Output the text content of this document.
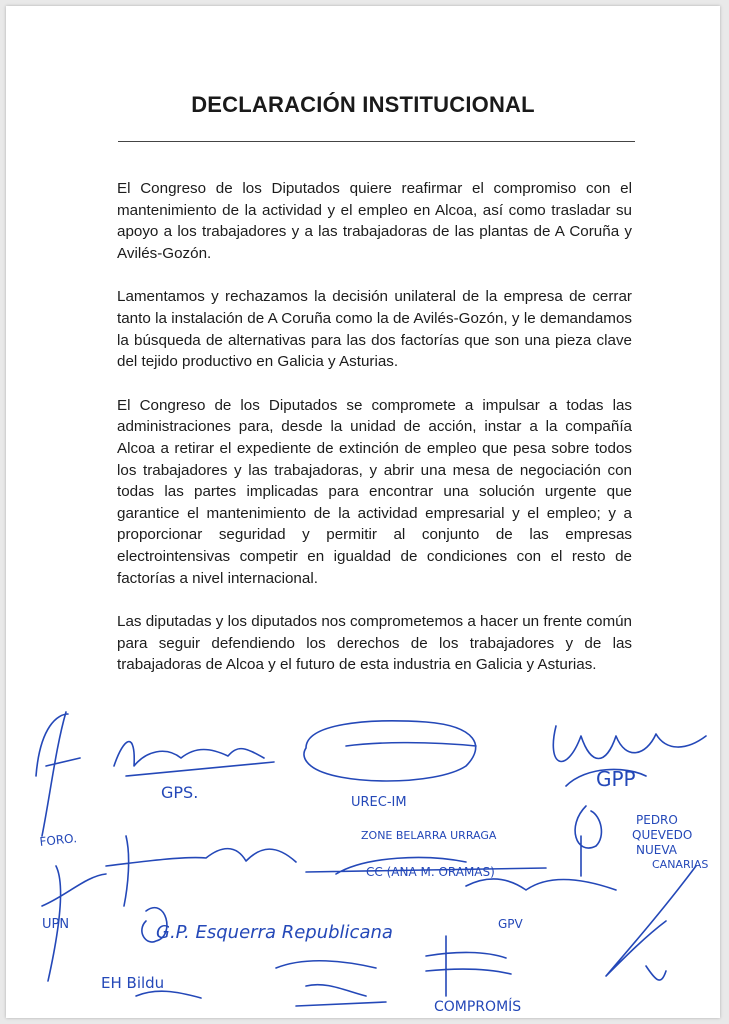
DECLARACIÓN INSTITUCIONAL

El Congreso de los Diputados quiere reafirmar el compromiso con el mantenimiento de la actividad y el empleo en Alcoa, así como trasladar su apoyo a los trabajadores y a las trabajadoras de las plantas de A Coruña y Avilés-Gozón.

Lamentamos y rechazamos la decisión unilateral de la empresa de cerrar tanto la instalación de A Coruña como la de Avilés-Gozón, y le demandamos la búsqueda de alternativas para las dos factorías que son una pieza clave del tejido productivo en Galicia y Asturias.

El Congreso de los Diputados se compromete a impulsar a todas las administraciones para, desde la unidad de acción, instar a la compañía Alcoa a retirar el expediente de extinción de empleo que pesa sobre todos los trabajadores y las trabajadoras, y abrir una mesa de negociación con todas las partes implicadas para encontrar una solución urgente que garantice el mantenimiento de la actividad empresarial y el empleo; y a proporcionar seguridad y permitir al conjunto de las empresas electrointensivas competir en igualdad de condiciones con el resto de factorías a nivel internacional.

Las diputadas y los diputados nos comprometemos a hacer un frente común para seguir defendiendo los derechos de los trabajadores y de las trabajadoras de Alcoa y el futuro de esta industria en Galicia y Asturias.

GPS.
UREC-IM
GPP
FORO.	ZONE BELARRA URRAGA
PEDRO
QUEVEDO
NUEVA
CANARIAS
CC (ANA M. ORAMAS)
UPN	GPV
G.P. Esquerra Republicana
EH Bildu
COMPROMÍS
